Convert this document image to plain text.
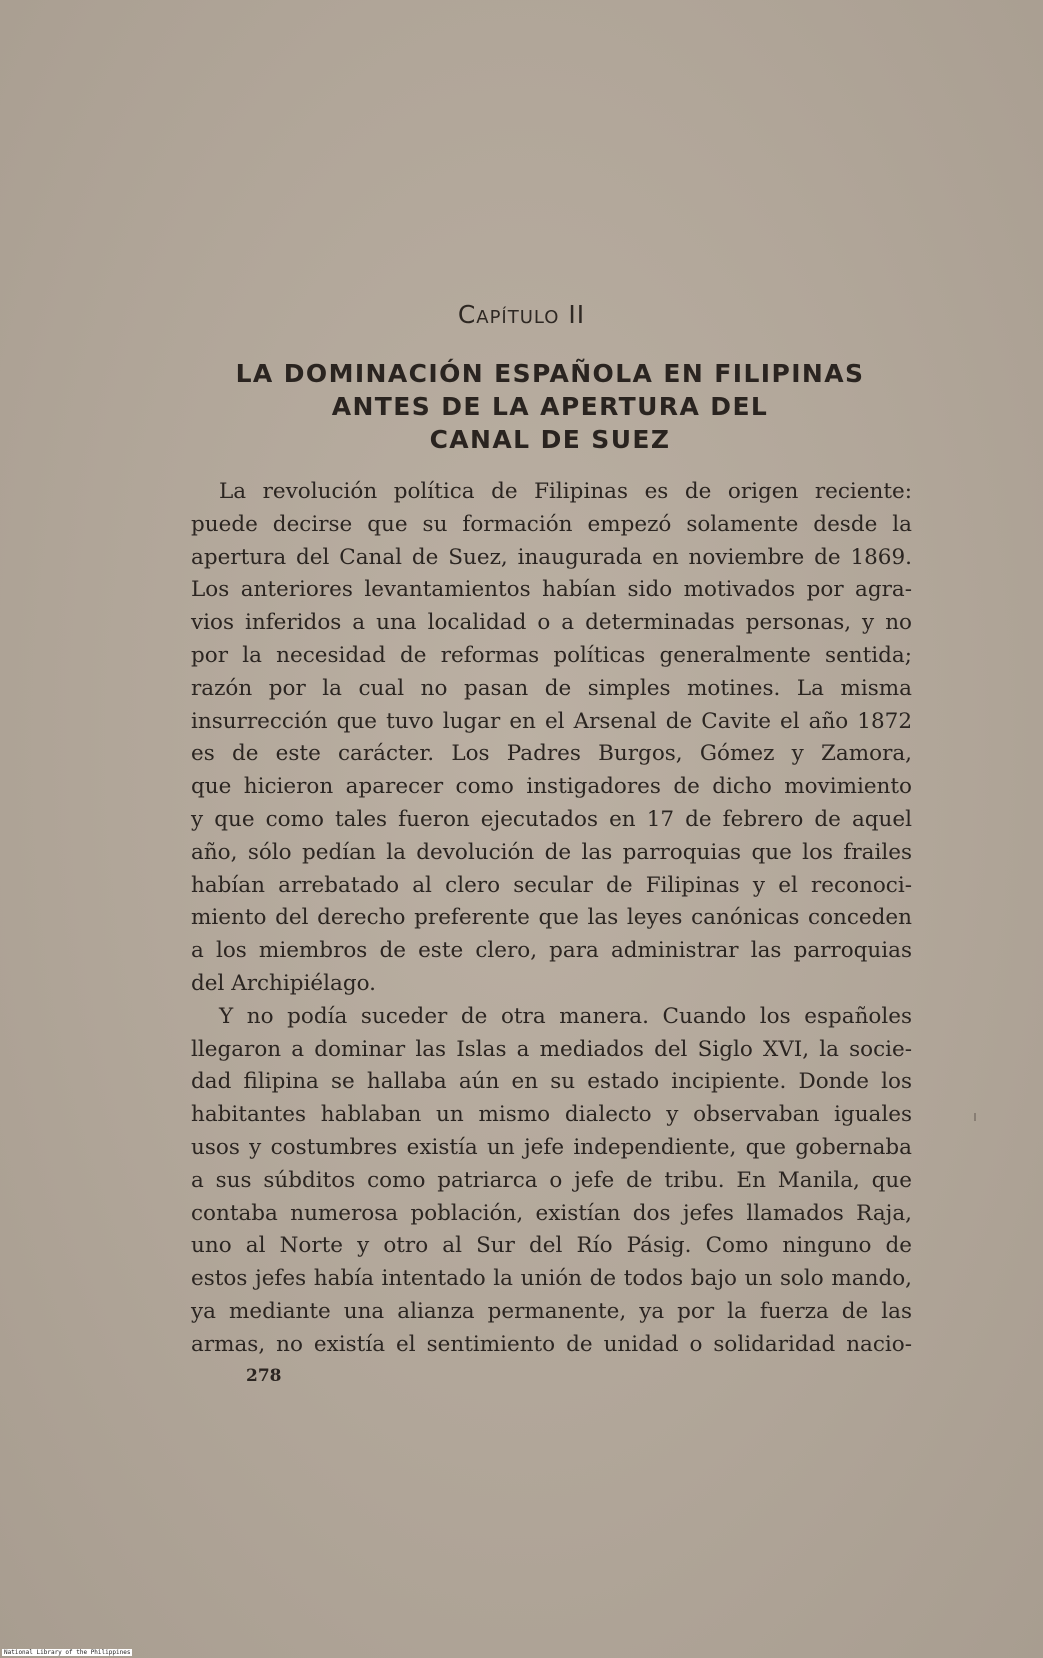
Capítulo II
LA DOMINACIÓN ESPAÑOLA EN FILIPINAS
ANTES DE LA APERTURA DEL
CANAL DE SUEZ
La revolución política de Filipinas es de origen reciente:
puede decirse que su formación empezó solamente desde la
apertura del Canal de Suez, inaugurada en noviembre de 1869.
Los anteriores levantamientos habían sido motivados por agra-
vios inferidos a una localidad o a determinadas personas, y no
por la necesidad de reformas políticas generalmente sentida;
razón por la cual no pasan de simples motines. La misma
insurrección que tuvo lugar en el Arsenal de Cavite el año 1872
es de este carácter. Los Padres Burgos, Gómez y Zamora,
que hicieron aparecer como instigadores de dicho movimiento
y que como tales fueron ejecutados en 17 de febrero de aquel
año, sólo pedían la devolución de las parroquias que los frailes
habían arrebatado al clero secular de Filipinas y el reconoci-
miento del derecho preferente que las leyes canónicas conceden
a los miembros de este clero, para administrar las parroquias
del Archipiélago.
Y no podía suceder de otra manera. Cuando los españoles
llegaron a dominar las Islas a mediados del Siglo XVI, la socie-
dad filipina se hallaba aún en su estado incipiente. Donde los
habitantes hablaban un mismo dialecto y observaban iguales
usos y costumbres existía un jefe independiente, que gobernaba
a sus súbditos como patriarca o jefe de tribu. En Manila, que
contaba numerosa población, existían dos jefes llamados Raja,
uno al Norte y otro al Sur del Río Pásig. Como ninguno de
estos jefes había intentado la unión de todos bajo un solo mando,
ya mediante una alianza permanente, ya por la fuerza de las
armas, no existía el sentimiento de unidad o solidaridad nacio-
278
National Library of the Philippines
